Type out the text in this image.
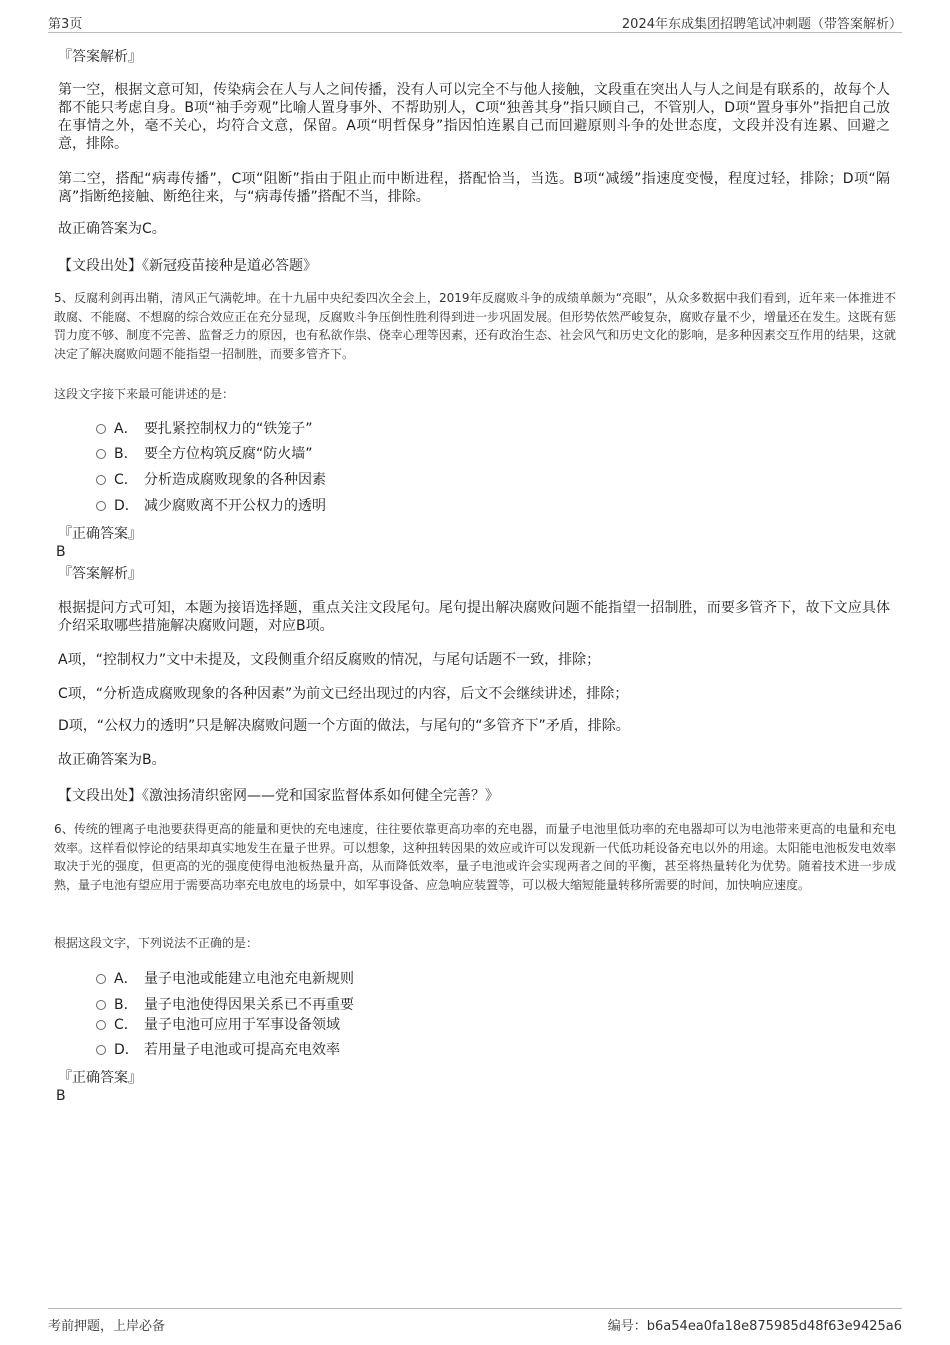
第3页	2024年东成集团招聘笔试冲刺题（带答案解析）
『答案解析』
第一空，根据文意可知，传染病会在人与人之间传播，没有人可以完全不与他人接触，文段重在突出人与人之间是有联系的，故每个人都不能只考虑自身。B项“袖手旁观”比喻人置身事外、不帮助别人，C项“独善其身”指只顾自己，不管别人，D项“置身事外”指把自己放在事情之外，毫不关心，均符合文意，保留。A项“明哲保身”指因怕连累自己而回避原则斗争的处世态度，文段并没有连累、回避之意，排除。
第二空，搭配“病毒传播”，C项“阻断”指由于阻止而中断进程，搭配恰当，当选。B项“减缓”指速度变慢，程度过轻，排除；D项“隔离”指断绝接触、断绝往来，与“病毒传播”搭配不当，排除。
故正确答案为C。
【文段出处】《新冠疫苗接种是道必答题》
5、反腐利剑再出鞘，清风正气满乾坤。在十九届中央纪委四次全会上，2019年反腐败斗争的成绩单颇为“亮眼”，从众多数据中我们看到，近年来一体推进不敢腐、不能腐、不想腐的综合效应正在充分显现，反腐败斗争压倒性胜利得到进一步巩固发展。但形势依然严峻复杂，腐败存量不少，增量还在发生。这既有惩罚力度不够、制度不完善、监督乏力的原因，也有私欲作祟、侥幸心理等因素，还有政治生态、社会风气和历史文化的影响，是多种因素交互作用的结果，这就决定了解决腐败问题不能指望一招制胜，而要多管齐下。
这段文字接下来最可能讲述的是：
A． 要扎紧控制权力的“铁笼子”
B． 要全方位构筑反腐“防火墙”
C． 分析造成腐败现象的各种因素
D． 减少腐败离不开公权力的透明
『正确答案』
B
『答案解析』
根据提问方式可知，本题为接语选择题，重点关注文段尾句。尾句提出解决腐败问题不能指望一招制胜，而要多管齐下，故下文应具体介绍采取哪些措施解决腐败问题，对应B项。
A项，“控制权力”文中未提及，文段侧重介绍反腐败的情况，与尾句话题不一致，排除；
C项，“分析造成腐败现象的各种因素”为前文已经出现过的内容，后文不会继续讲述，排除；
D项，“公权力的透明”只是解决腐败问题一个方面的做法，与尾句的“多管齐下”矛盾，排除。
故正确答案为B。
【文段出处】《激浊扬清织密网——党和国家监督体系如何健全完善？》
6、传统的锂离子电池要获得更高的能量和更快的充电速度，往往要依靠更高功率的充电器，而量子电池里低功率的充电器却可以为电池带来更高的电量和充电效率。这样看似悖论的结果却真实地发生在量子世界。可以想象，这种扭转因果的效应或许可以发现新一代低功耗设备充电以外的用途。太阳能电池板发电效率取决于光的强度，但更高的光的强度使得电池板热量升高，从而降低效率，量子电池或许会实现两者之间的平衡，甚至将热量转化为优势。随着技术进一步成熟，量子电池有望应用于需要高功率充电放电的场景中，如军事设备、应急响应装置等，可以极大缩短能量转移所需要的时间，加快响应速度。
根据这段文字，下列说法不正确的是：
A． 量子电池或能建立电池充电新规则
B． 量子电池使得因果关系已不再重要
C． 量子电池可应用于军事设备领域
D． 若用量子电池或可提高充电效率
『正确答案』
B
考前押题，上岸必备	编号：b6a54ea0fa18e875985d48f63e9425a6
